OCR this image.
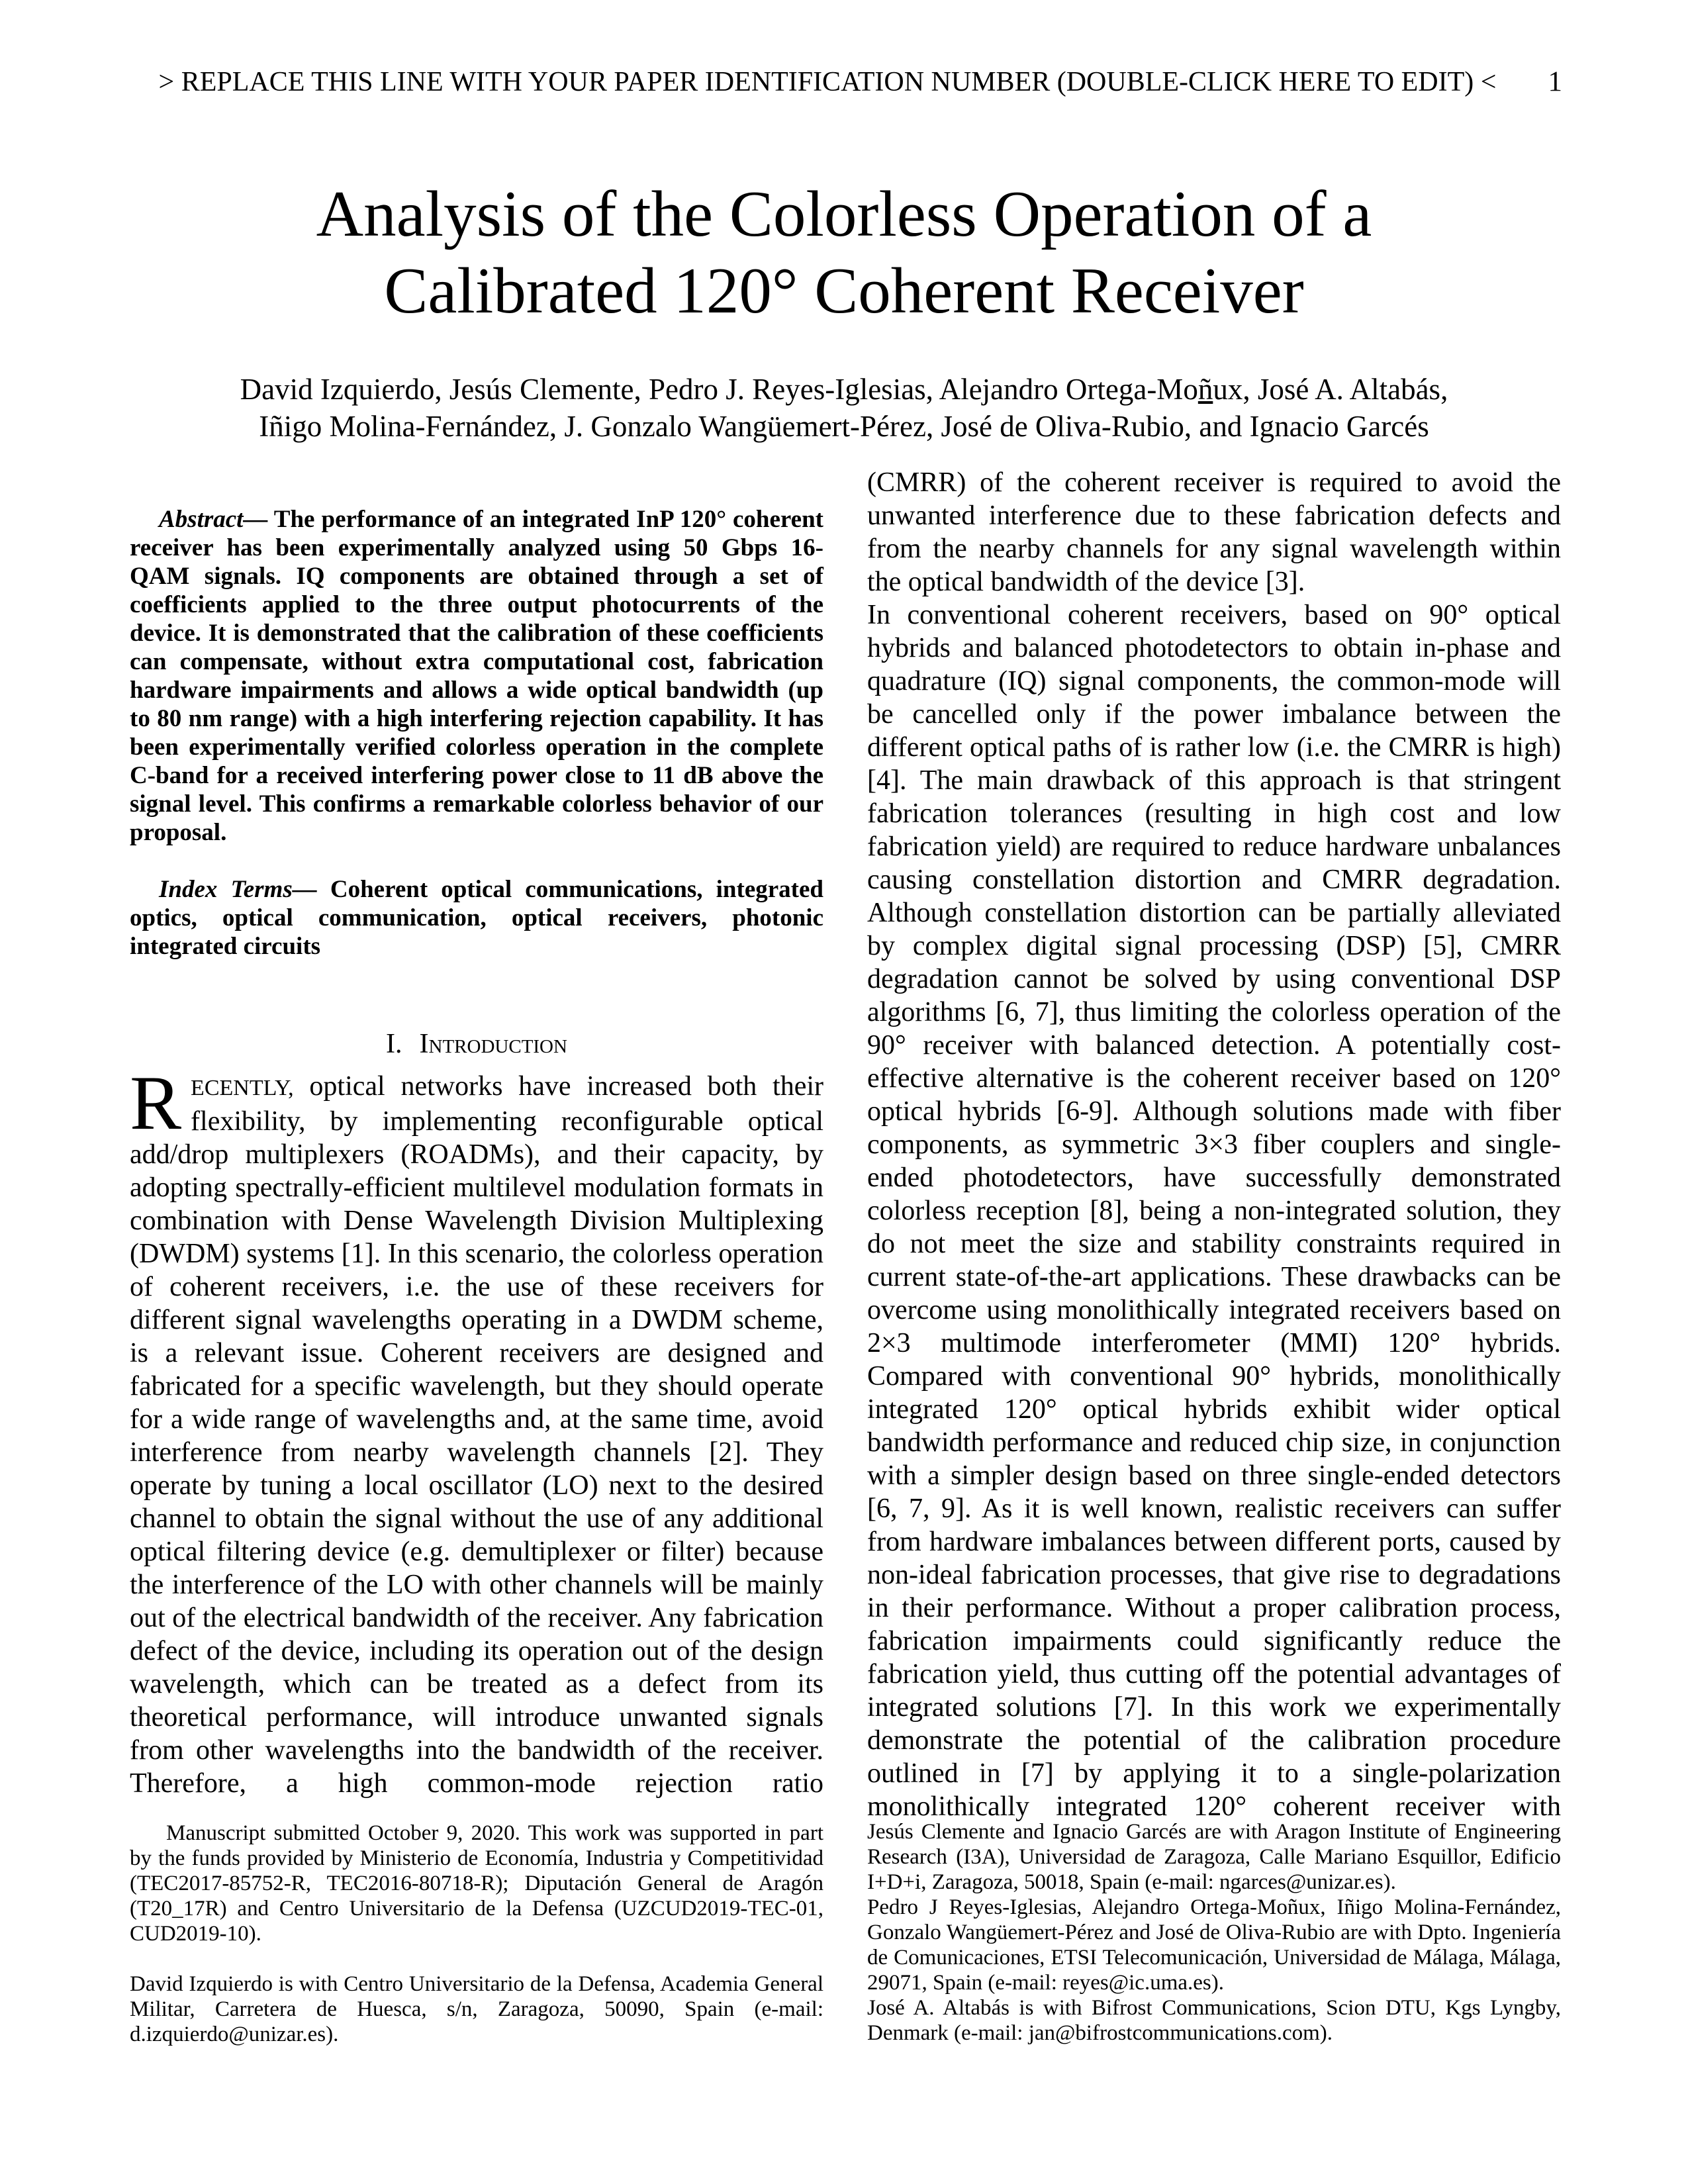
> REPLACE THIS LINE WITH YOUR PAPER IDENTIFICATION NUMBER (DOUBLE-CLICK HERE TO EDIT) <	1
Analysis of the Colorless Operation of a
Calibrated 120° Coherent Receiver
David Izquierdo, Jesús Clemente, Pedro J. Reyes-Iglesias, Alejandro Ortega-Moñux, José A. Altabás,
Iñigo Molina-Fernández, J. Gonzalo Wangüemert-Pérez, José de Oliva-Rubio, and Ignacio Garcés

Abstract— The performance of an integrated InP 120° coherent receiver has been experimentally analyzed using 50 Gbps 16-QAM signals. IQ components are obtained through a set of coefficients applied to the three output photocurrents of the device. It is demonstrated that the calibration of these coefficients can compensate, without extra computational cost, fabrication hardware impairments and allows a wide optical bandwidth (up to 80 nm range) with a high interfering rejection capability. It has been experimentally verified colorless operation in the complete C-band for a received interfering power close to 11 dB above the signal level. This confirms a remarkable colorless behavior of our proposal.

Index Terms— Coherent optical communications, integrated optics, optical communication, optical receivers, photonic integrated circuits

I. Introduction

RECENTLY, optical networks have increased both their flexibility, by implementing reconfigurable optical add/drop multiplexers (ROADMs), and their capacity, by adopting spectrally-efficient multilevel modulation formats in combination with Dense Wavelength Division Multiplexing (DWDM) systems [1]. In this scenario, the colorless operation of coherent receivers, i.e. the use of these receivers for different signal wavelengths operating in a DWDM scheme, is a relevant issue. Coherent receivers are designed and fabricated for a specific wavelength, but they should operate for a wide range of wavelengths and, at the same time, avoid interference from nearby wavelength channels [2]. They operate by tuning a local oscillator (LO) next to the desired channel to obtain the signal without the use of any additional optical filtering device (e.g. demultiplexer or filter) because the interference of the LO with other channels will be mainly out of the electrical bandwidth of the receiver. Any fabrication defect of the device, including its operation out of the design wavelength, which can be treated as a defect from its theoretical performance, will introduce unwanted signals from other wavelengths into the bandwidth of the receiver. Therefore, a high common-mode rejection ratio

(CMRR) of the coherent receiver is required to avoid the unwanted interference due to these fabrication defects and from the nearby channels for any signal wavelength within the optical bandwidth of the device [3].

In conventional coherent receivers, based on 90° optical hybrids and balanced photodetectors to obtain in-phase and quadrature (IQ) signal components, the common-mode will be cancelled only if the power imbalance between the different optical paths of is rather low (i.e. the CMRR is high) [4]. The main drawback of this approach is that stringent fabrication tolerances (resulting in high cost and low fabrication yield) are required to reduce hardware unbalances causing constellation distortion and CMRR degradation. Although constellation distortion can be partially alleviated by complex digital signal processing (DSP) [5], CMRR degradation cannot be solved by using conventional DSP algorithms [6, 7], thus limiting the colorless operation of the 90° receiver with balanced detection. A potentially cost-effective alternative is the coherent receiver based on 120° optical hybrids [6-9]. Although solutions made with fiber components, as symmetric 3×3 fiber couplers and single-ended photodetectors, have successfully demonstrated colorless reception [8], being a non-integrated solution, they do not meet the size and stability constraints required in current state-of-the-art applications. These drawbacks can be overcome using monolithically integrated receivers based on 2×3 multimode interferometer (MMI) 120° hybrids. Compared with conventional 90° hybrids, monolithically integrated 120° optical hybrids exhibit wider optical bandwidth performance and reduced chip size, in conjunction with a simpler design based on three single-ended detectors [6, 7, 9]. As it is well known, realistic receivers can suffer from hardware imbalances between different ports, caused by non-ideal fabrication processes, that give rise to degradations in their performance. Without a proper calibration process, fabrication impairments could significantly reduce the fabrication yield, thus cutting off the potential advantages of integrated solutions [7]. In this work we experimentally demonstrate the potential of the calibration procedure outlined in [7] by applying it to a single-polarization monolithically integrated 120° coherent receiver with

Manuscript submitted October 9, 2020. This work was supported in part by the funds provided by Ministerio de Economía, Industria y Competitividad (TEC2017-85752-R, TEC2016-80718-R); Diputación General de Aragón (T20_17R) and Centro Universitario de la Defensa (UZCUD2019-TEC-01, CUD2019-10).

David Izquierdo is with Centro Universitario de la Defensa, Academia General Militar, Carretera de Huesca, s/n, Zaragoza, 50090, Spain (e-mail: d.izquierdo@unizar.es).

Jesús Clemente and Ignacio Garcés are with Aragon Institute of Engineering Research (I3A), Universidad de Zaragoza, Calle Mariano Esquillor, Edificio I+D+i, Zaragoza, 50018, Spain (e-mail: ngarces@unizar.es).

Pedro J Reyes-Iglesias, Alejandro Ortega-Moñux, Iñigo Molina-Fernández, Gonzalo Wangüemert-Pérez and José de Oliva-Rubio are with Dpto. Ingeniería de Comunicaciones, ETSI Telecomunicación, Universidad de Málaga, Málaga, 29071, Spain (e-mail: reyes@ic.uma.es).

José A. Altabás is with Bifrost Communications, Scion DTU, Kgs Lyngby, Denmark (e-mail: jan@bifrostcommunications.com).
